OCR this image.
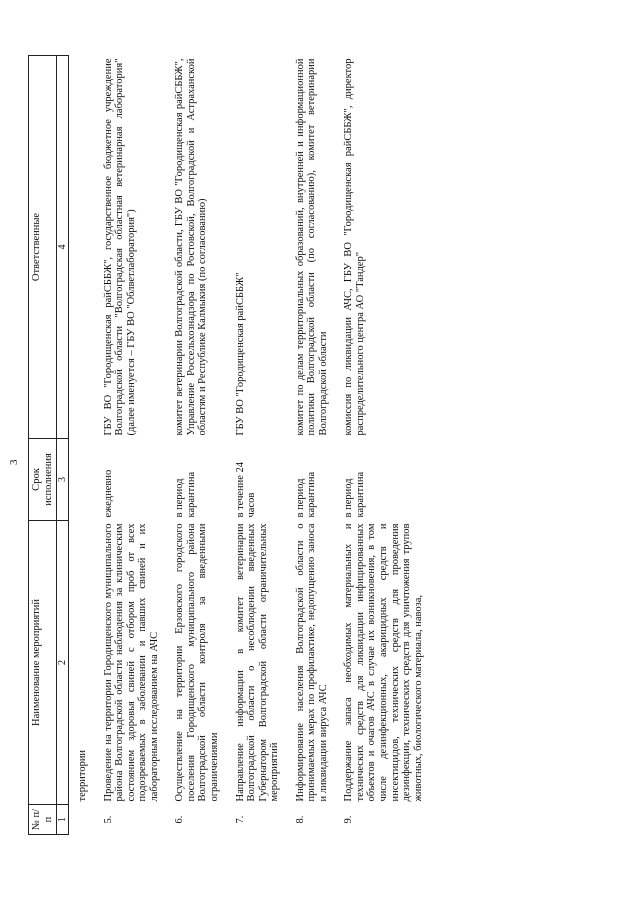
3
№ п/п	Наименование мероприятий	Срок исполнения	Ответственные
1	2	3	4
	территории		
5.	Проведение на территории Городищенского муниципального района Волгоградской области наблюдения за клиническим состоянием здоровья свиней с отбором проб от всех подозреваемых в заболевании и павших свиней и их лабораторным исследованием на АЧС	ежедневно	ГБУ ВО "Городищенская райСББЖ", государственное бюджетное учреждение Волгоградской области "Волгоградская областная ветеринарная лаборатория" (далее именуется – ГБУ ВО "Облветлаборатория")
6.	Осуществление на территории Ерзовского городского поселения Городищенского муниципального района Волгоградской области контроля за введенными ограничениями	в период карантина	комитет ветеринарии Волгоградской области, ГБУ ВО "Городищенская райСББЖ", Управление Россельхознадзора по Ростовской, Волгоградской и Астраханской областям и Республике Калмыкия (по согласованию)
7.	Направление информации в комитет ветеринарии Волгоградской области о несоблюдении введенных Губернатором Волгоградской области ограничительных мероприятий	в течение 24 часов	ГБУ ВО "Городищенская райСББЖ"
8.	Информирование населения Волгоградской области о принимаемых мерах по профилактике, недопущению заноса и ликвидации вируса АЧС	в период карантина	комитет по делам территориальных образований, внутренней и информационной политики Волгоградской области (по согласованию), комитет ветеринарии Волгоградской области
9.	Поддержание запаса необходимых материальных и технических средств для ликвидации инфицированных объектов и очагов АЧС в случае их возникновения, в том числе дезинфекционных, акарицидных средств и инсектицидов, технических средств для проведения дезинфекции, технических средств для уничтожения трупов животных, биологического материала, навоза,	в период карантина	комиссия по ликвидации АЧС, ГБУ ВО "Городищенская райСББЖ", директор распределительного центра АО "Тандер"
